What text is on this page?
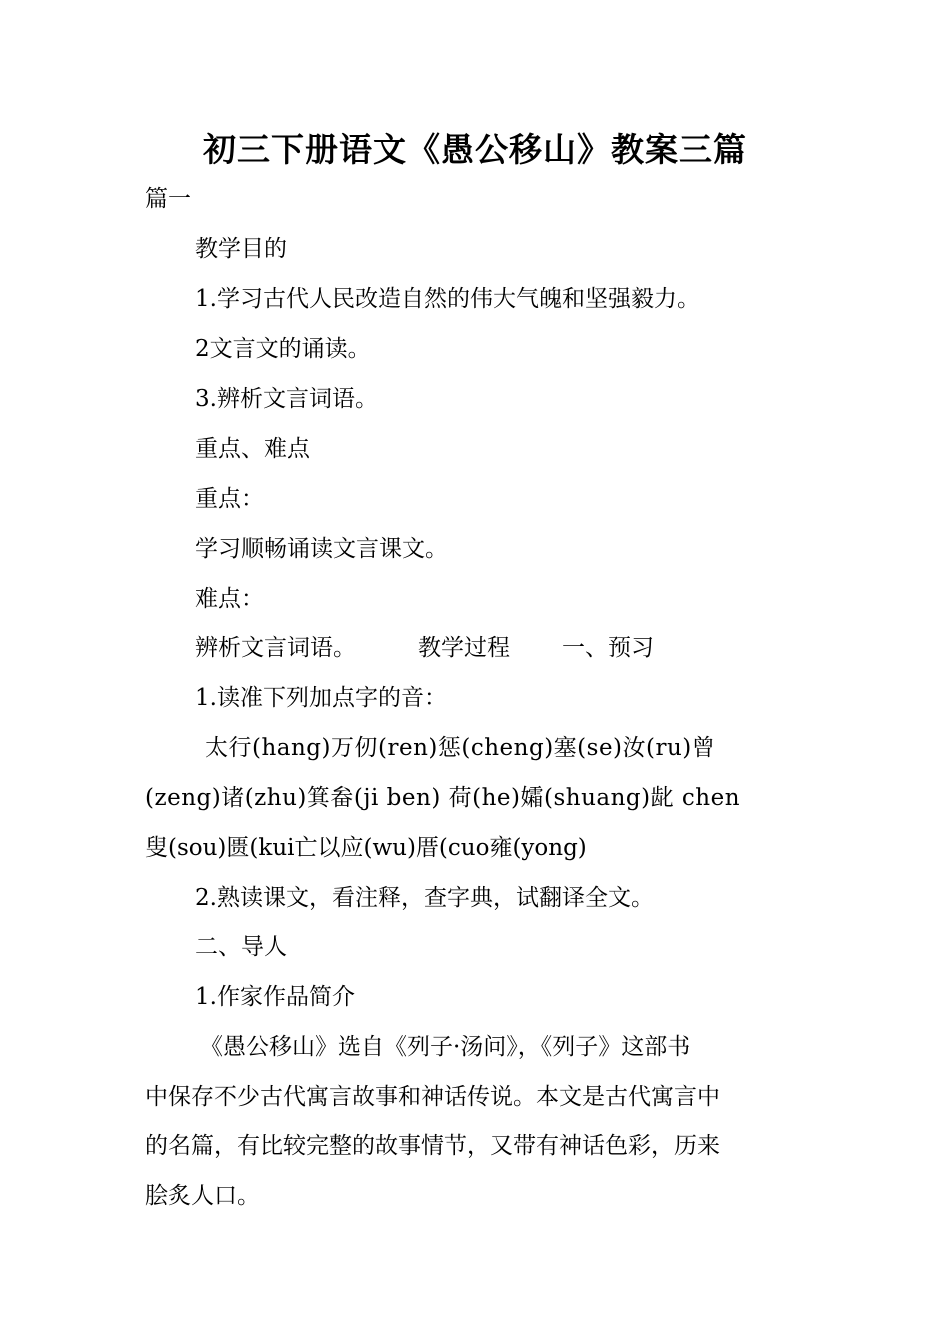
初三下册语文《愚公移山》教案三篇
篇一
教学目的
1.学习古代人民改造自然的伟大气魄和坚强毅力。
2文言文的诵读。
3.辨析文言词语。
重点、难点
重点：
学习顺畅诵读文言课文。
难点：
辨析文言词语。	教学过程 一、预习
1.读准下列加点字的音：
太行(hang)万仞(ren)惩(cheng)塞(se)汝(ru)曾
(zeng)诸(zhu)箕畚(ji ben) 荷(he)孀(shuang)龀 chen
叟(sou)匮(kui亡以应(wu)厝(cuo雍(yong)
2.熟读课文，看注释，查字典，试翻译全文。
二、导人
1.作家作品简介
《愚公移山》选自《列子·汤问》，《列子》这部书
中保存不少古代寓言故事和神话传说。本文是古代寓言中
的名篇，有比较完整的故事情节，又带有神话色彩，历来
脍炙人口。
